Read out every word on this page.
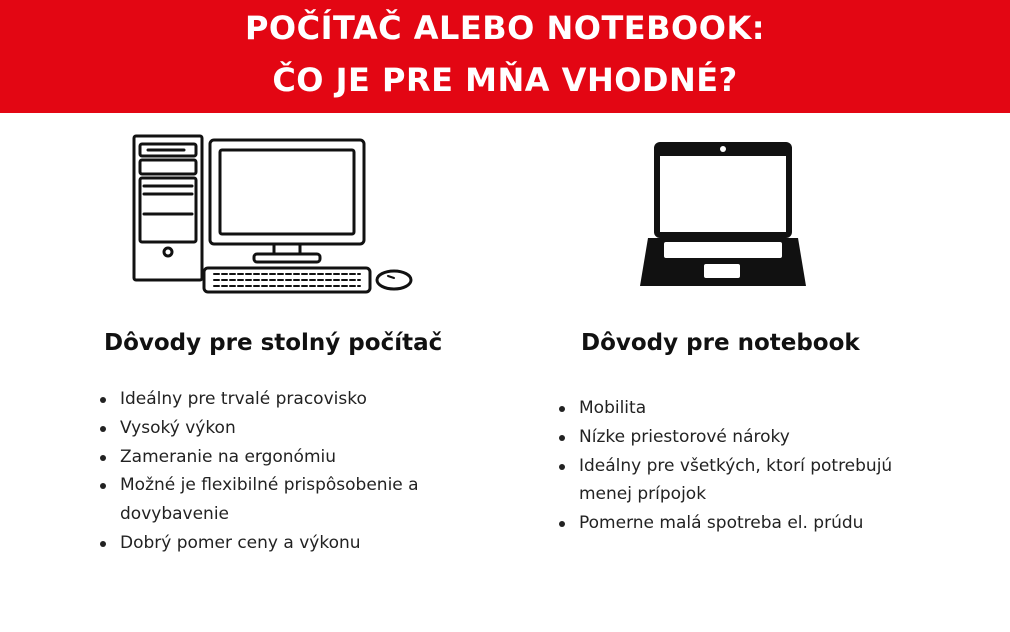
POČÍTAČ ALEBO NOTEBOOK:
ČO JE PRE MŇA VHODNÉ?
Dôvody pre stolný počítač	Dôvody pre notebook
Ideálny pre trvalé pracovisko
Vysoký výkon
Zameranie na ergonómiu
Možné je flexibilné prispôsobenie a dovybavenie
Dobrý pomer ceny a výkonu
Mobilita
Nízke priestorové nároky
Ideálny pre všetkých, ktorí potrebujú menej prípojok
Pomerne malá spotreba el. prúdu
